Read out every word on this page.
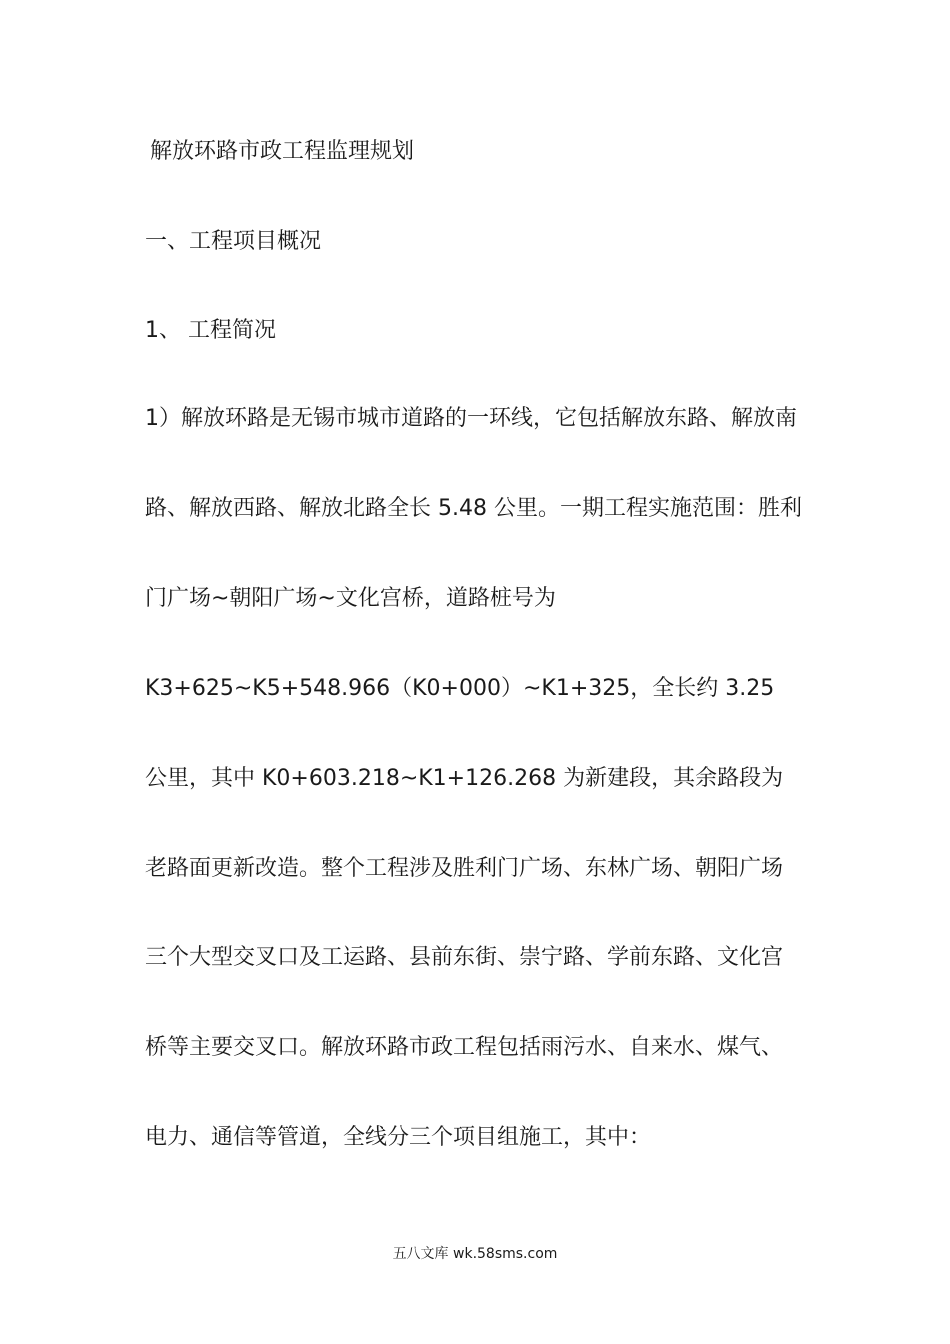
解放环路市政工程监理规划
一、工程项目概况
1、 工程简况
1）解放环路是无锡市城市道路的一环线，它包括解放东路、解放南
路、解放西路、解放北路全长 5.48 公里。一期工程实施范围：胜利
门广场~朝阳广场~文化宫桥，道路桩号为
K3+625~K5+548.966（K0+000）~K1+325，全长约 3.25
公里，其中 K0+603.218~K1+126.268 为新建段，其余路段为
老路面更新改造。整个工程涉及胜利门广场、东林广场、朝阳广场
三个大型交叉口及工运路、县前东街、崇宁路、学前东路、文化宫
桥等主要交叉口。解放环路市政工程包括雨污水、自来水、煤气、
电力、通信等管道，全线分三个项目组施工，其中：
五八文库 wk.58sms.com
